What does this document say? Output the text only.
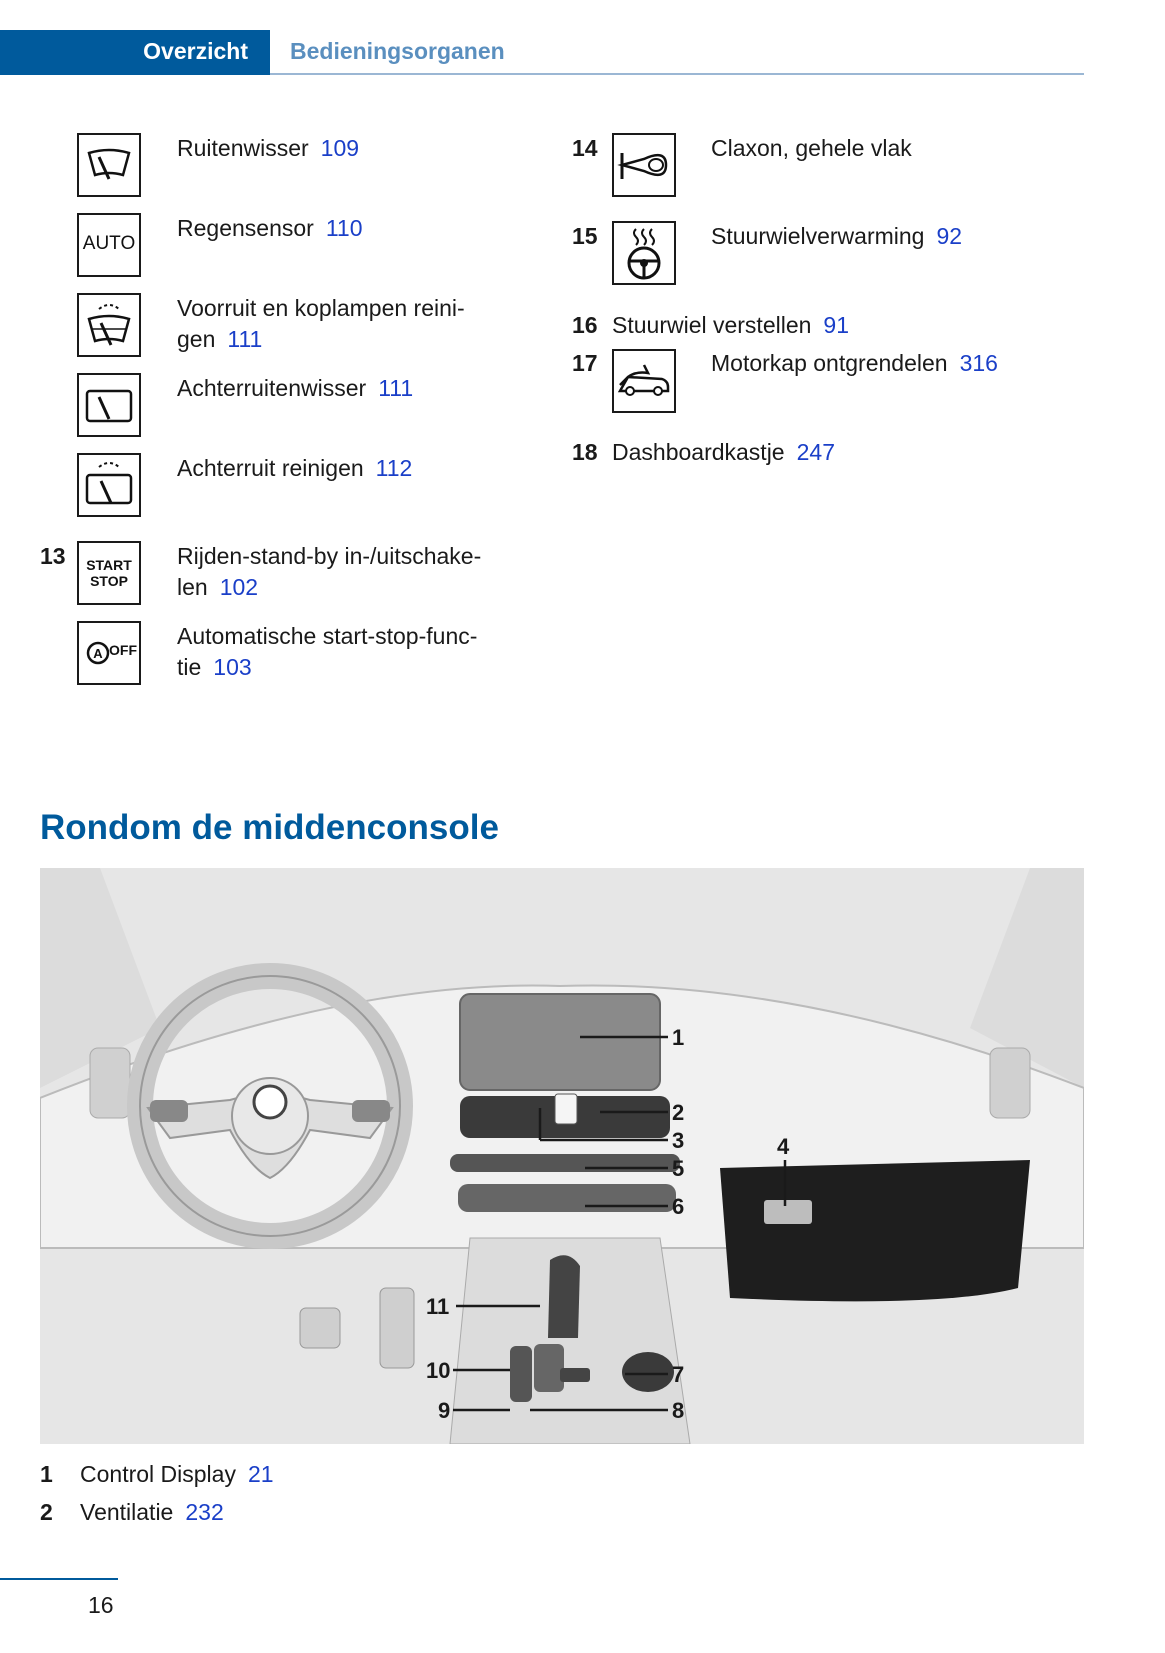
Overzicht Bedieningsorganen
Ruitenwisser 109
AUTO
Regensensor 110
Voorruit en koplampen reini-
gen 111
Achterruitenwisser 111
Achterruit reinigen 112
13	START
STOP
Rijden-stand-by in-/uitschake-
len 102
A OFF
Automatische start-stop-func-
tie 103
14	Claxon, gehele vlak
15	Stuurwielverwarming 92
16 Stuurwiel verstellen 91
17	Motorkap ontgrendelen 316
18 Dashboardkastje 247
Rondom de middenconsole
1
2
3	4
5
6
7
8
9
10
11
1 Control Display 21
2 Ventilatie 232
16
